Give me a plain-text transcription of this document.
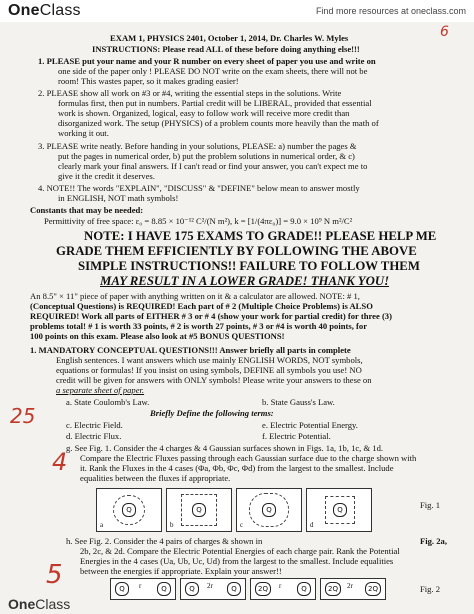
OneClass	Find more resources at oneclass.com
EXAM 1, PHYSICS 2401, October 1, 2014, Dr. Charles W. Myles
INSTRUCTIONS: Please read ALL of these before doing anything else!!!
1. PLEASE put your name and your R number on every sheet of paper you use and write on
one side of the paper only ! PLEASE DO NOT write on the exam sheets, there will not be
room! This wastes paper, so it makes grading easier!
2. PLEASE show all work on #3 or #4, writing the essential steps in the solutions. Write
formulas first, then put in numbers. Partial credit will be LIBERAL, provided that essential
work is shown. Organized, logical, easy to follow work will receive more credit than
disorganized work. The setup (PHYSICS) of a problem counts more heavily than the math of
working it out.
3. PLEASE write neatly. Before handing in your solutions, PLEASE: a) number the pages &
put the pages in numerical order, b) put the problem solutions in numerical order, & c)
clearly mark your final answers. If I can't read or find your answer, you can't expect me to
give it the credit it deserves.
4. NOTE!! The words "EXPLAIN", "DISCUSS" & "DEFINE" below mean to answer mostly
in ENGLISH, NOT math symbols!
Constants that may be needed:
Permittivity of free space: ε₀ = 8.85 × 10⁻¹² C²/(N m²), k = [1/(4πε₀)] = 9.0 × 10⁹ N m²/C²
NOTE: I HAVE 175 EXAMS TO GRADE!! PLEASE HELP ME
GRADE THEM EFFICIENTLY BY FOLLOWING THE ABOVE
SIMPLE INSTRUCTIONS!! FAILURE TO FOLLOW THEM
MAY RESULT IN A LOWER GRADE! THANK YOU!
An 8.5" × 11" piece of paper with anything written on it & a calculator are allowed. NOTE: # 1,
(Conceptual Questions) is REQUIRED! Each part of # 2 (Multiple Choice Problems) is ALSO
REQUIRED! Work all parts of EITHER # 3 or # 4 (show your work for partial credit) for three (3)
problems total! # 1 is worth 33 points, # 2 is worth 27 points, # 3 or #4 is worth 40 points, for
100 points on this exam. Please also look at #5 BONUS QUESTIONS!
1. MANDATORY CONCEPTUAL QUESTIONS!!! Answer briefly all parts in complete
English sentences. I want answers which use mainly ENGLISH WORDS, NOT symbols,
equations or formulas! If you insist on using symbols, DEFINE all symbols you use! NO
credit will be given for answers with ONLY symbols! Please write your answers to these on
a separate sheet of paper.
a. State Coulomb's Law.	b. State Gauss's Law.
Briefly Define the following terms:
c. Electric Field.
d. Electric Flux.
e. Electric Potential Energy.
f. Electric Potential.
g. See Fig. 1. Consider the 4 charges & 4 Gaussian surfaces shown in Figs. 1a, 1b, 1c, & 1d.
Compare the Electric Fluxes passing through each Gaussian surface due to the charge shown with
it. Rank the Fluxes in the 4 cases (Φa, Φb, Φc, Φd) from the largest to the smallest. Include
equalities between the fluxes if appropriate.
Q
a
Q
b
Q
c
Q
d
Fig. 1
h. See Fig. 2. Consider the 4 pairs of charges & shown in	Fig. 2a,
2b, 2c, & 2d. Compare the Electric Potential Energies of each charge pair. Rank the Potential
Energies in the 4 cases (Ua, Ub, Uc, Ud) from the largest to the smallest. Include equalities
between the energies if appropriate. Explain your answer!!
Q	r	Q	Q	2r	Q	2Q	r	Q	2Q	2r	2Q	Fig. 2
25
4
5
6
OneClass
